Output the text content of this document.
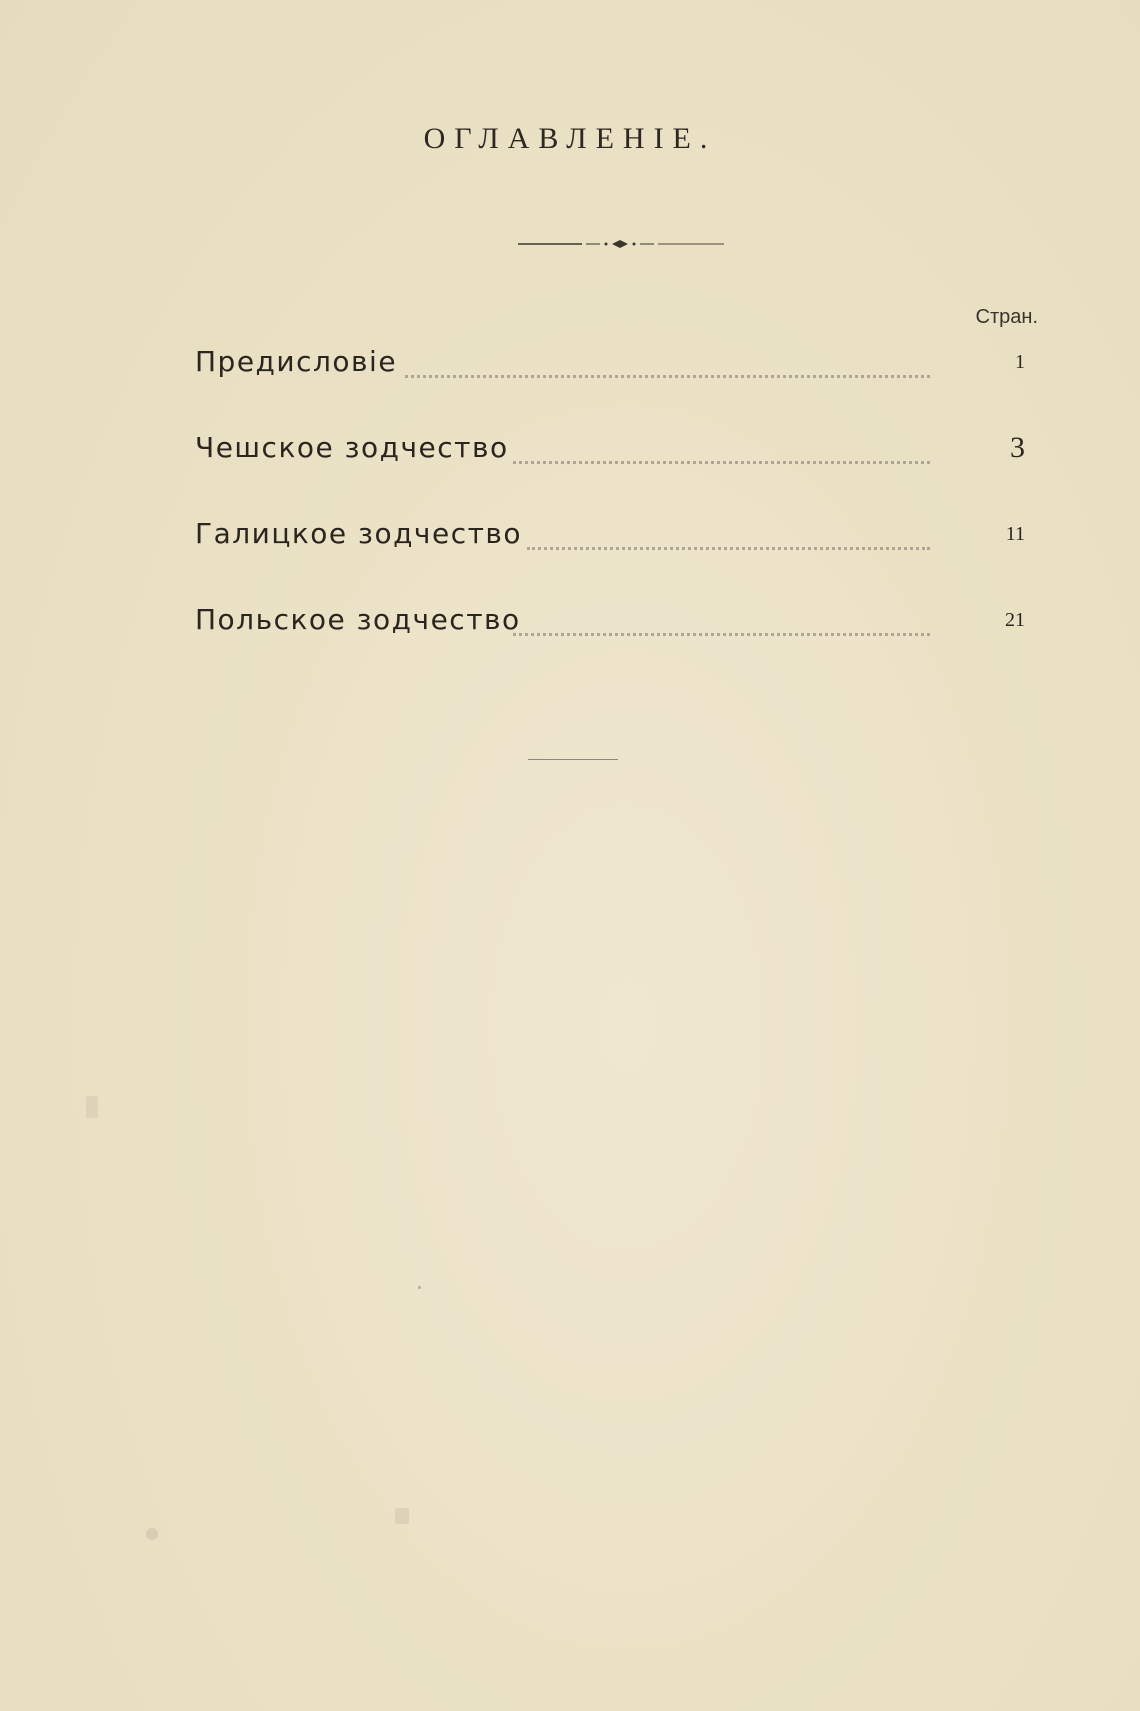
ОГЛАВЛЕНІЕ.
Стран.
Предисловіе	1
Чешское зодчество	3
Галицкое зодчество	11
Польское зодчество	21
